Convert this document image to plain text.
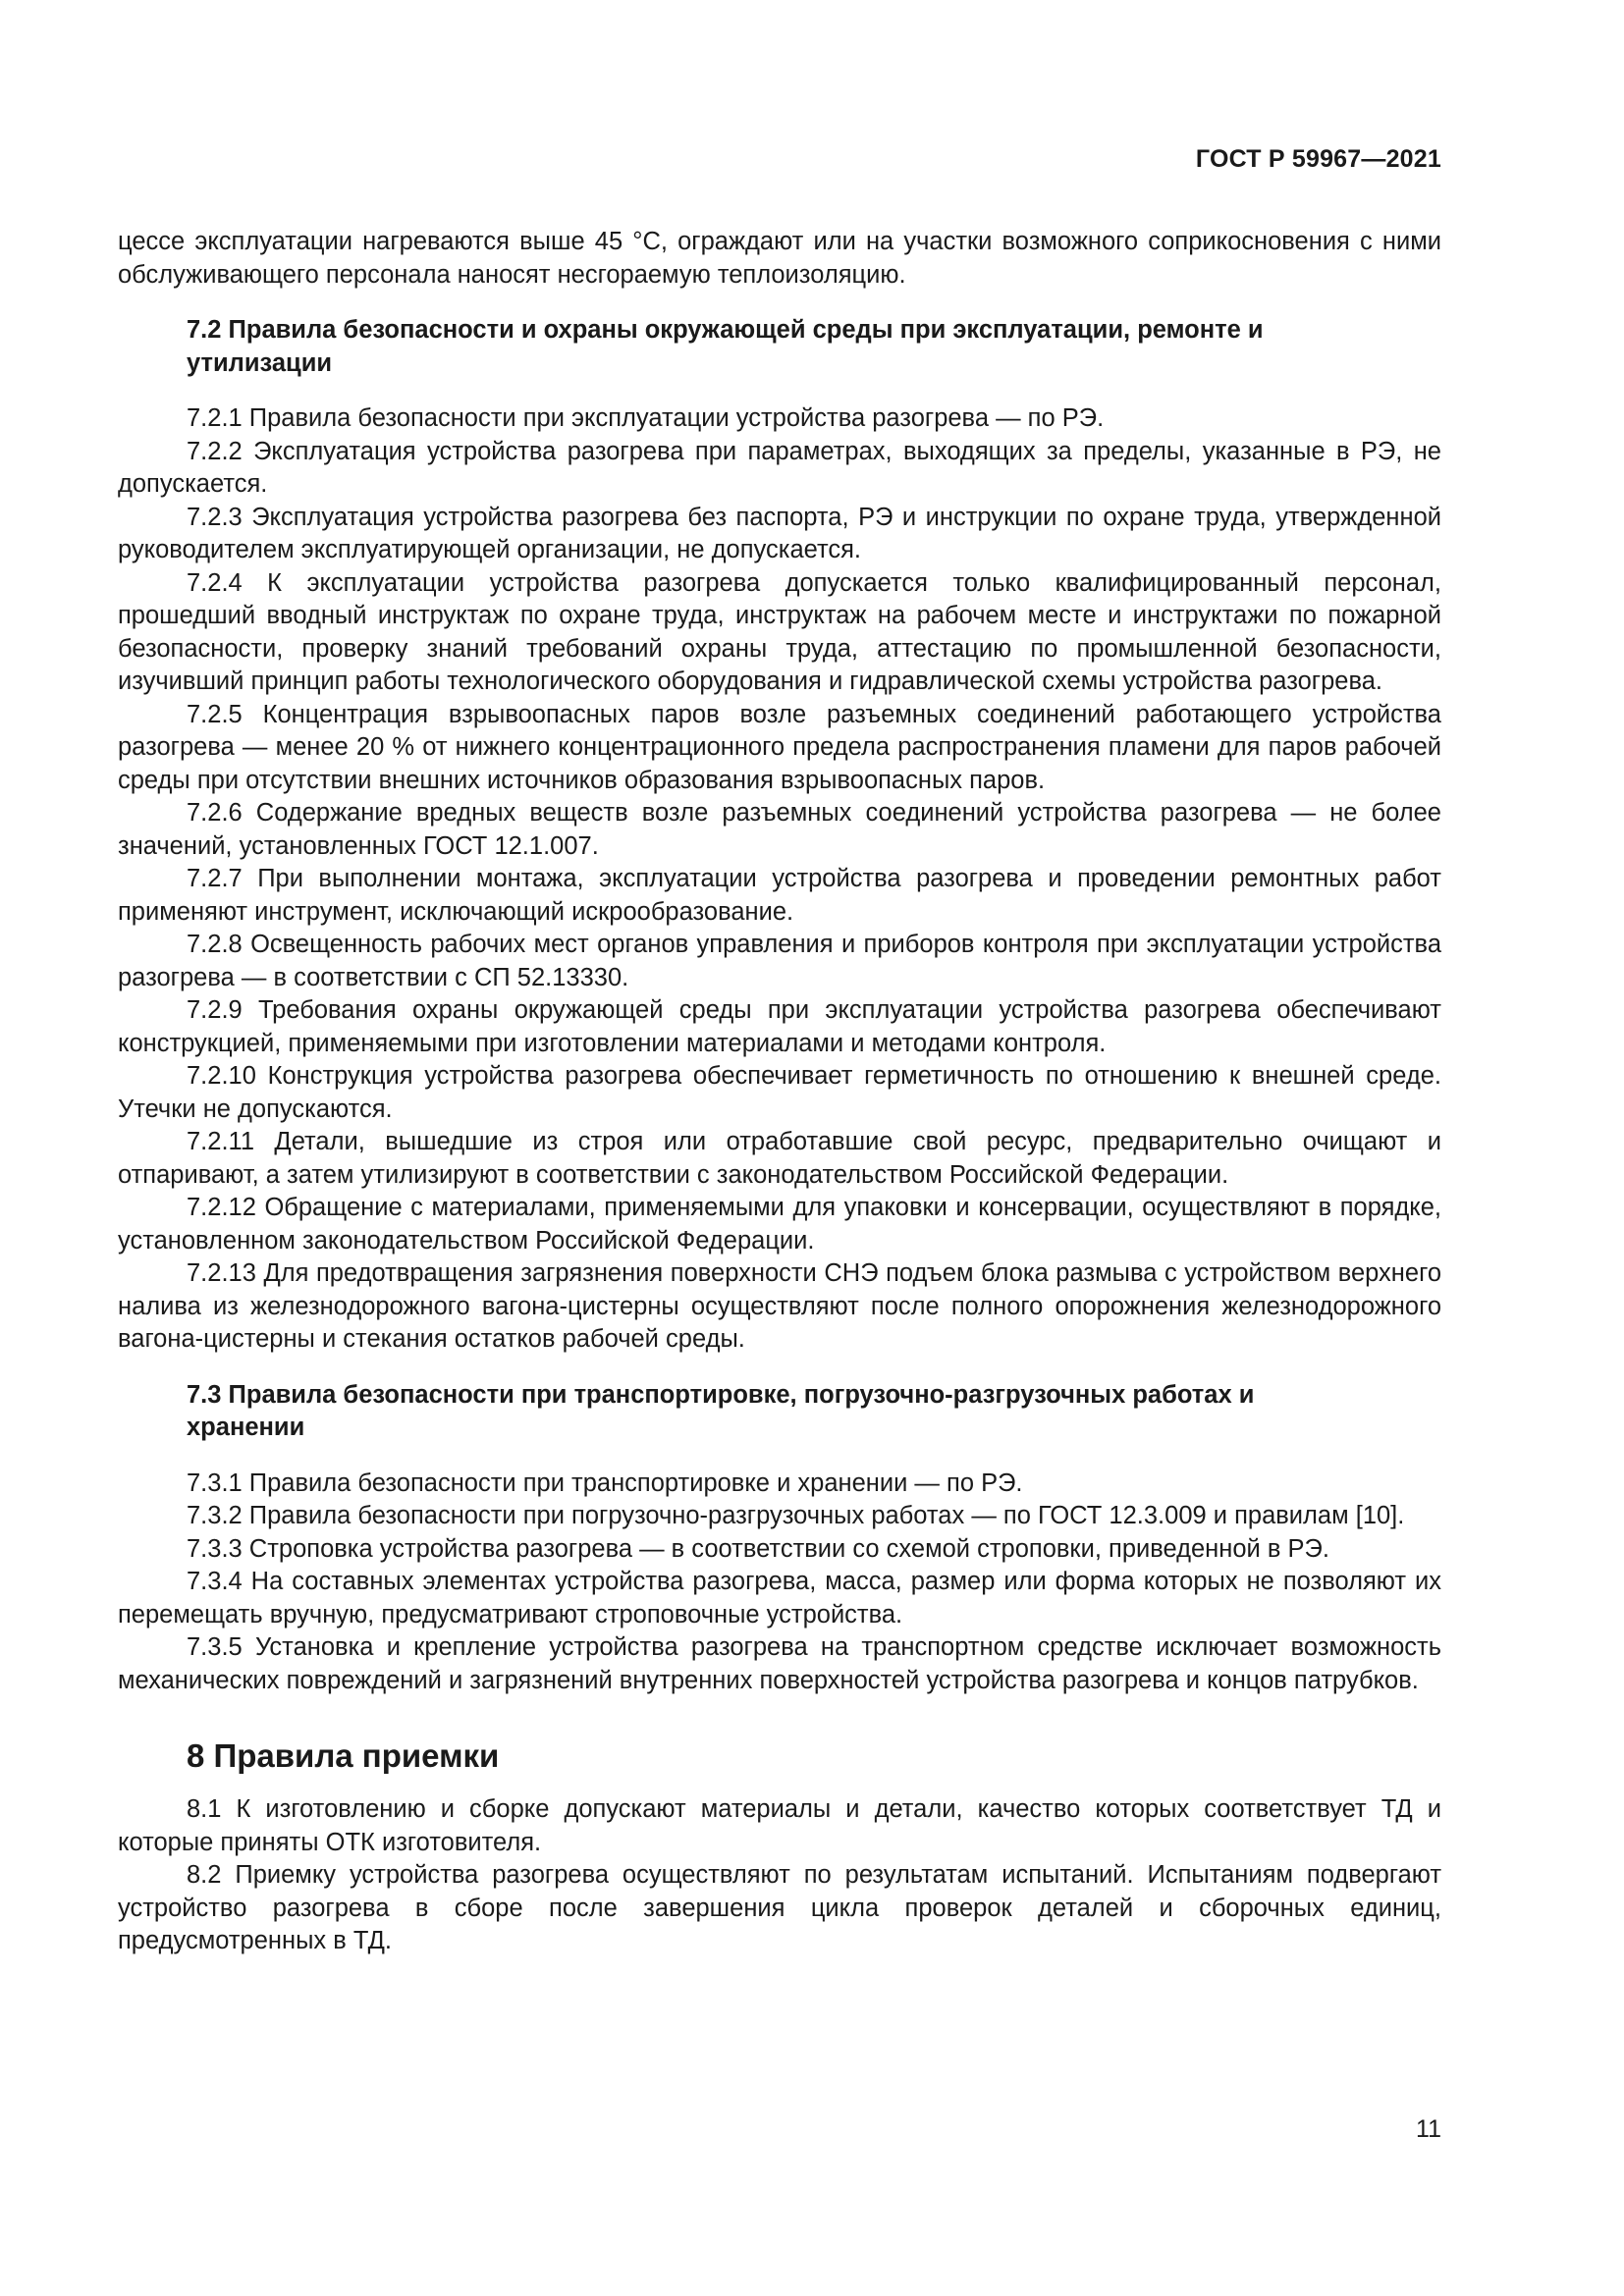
ГОСТ Р 59967—2021

цессе эксплуатации нагреваются выше 45 °С, ограждают или на участки возможного соприкосновения с ними обслуживающего персонала наносят несгораемую теплоизоляцию.

7.2 Правила безопасности и охраны окружающей среды при эксплуатации, ремонте и утилизации

7.2.1 Правила безопасности при эксплуатации устройства разогрева — по РЭ.

7.2.2 Эксплуатация устройства разогрева при параметрах, выходящих за пределы, указанные в РЭ, не допускается.

7.2.3 Эксплуатация устройства разогрева без паспорта, РЭ и инструкции по охране труда, утвержденной руководителем эксплуатирующей организации, не допускается.

7.2.4 К эксплуатации устройства разогрева допускается только квалифицированный персонал, прошедший вводный инструктаж по охране труда, инструктаж на рабочем месте и инструктажи по пожарной безопасности, проверку знаний требований охраны труда, аттестацию по промышленной безопасности, изучивший принцип работы технологического оборудования и гидравлической схемы устройства разогрева.

7.2.5 Концентрация взрывоопасных паров возле разъемных соединений работающего устройства разогрева — менее 20 % от нижнего концентрационного предела распространения пламени для паров рабочей среды при отсутствии внешних источников образования взрывоопасных паров.

7.2.6 Содержание вредных веществ возле разъемных соединений устройства разогрева — не более значений, установленных ГОСТ 12.1.007.

7.2.7 При выполнении монтажа, эксплуатации устройства разогрева и проведении ремонтных работ применяют инструмент, исключающий искрообразование.

7.2.8 Освещенность рабочих мест органов управления и приборов контроля при эксплуатации устройства разогрева — в соответствии с СП 52.13330.

7.2.9 Требования охраны окружающей среды при эксплуатации устройства разогрева обеспечивают конструкцией, применяемыми при изготовлении материалами и методами контроля.

7.2.10 Конструкция устройства разогрева обеспечивает герметичность по отношению к внешней среде. Утечки не допускаются.

7.2.11 Детали, вышедшие из строя или отработавшие свой ресурс, предварительно очищают и отпаривают, а затем утилизируют в соответствии с законодательством Российской Федерации.

7.2.12 Обращение с материалами, применяемыми для упаковки и консервации, осуществляют в порядке, установленном законодательством Российской Федерации.

7.2.13 Для предотвращения загрязнения поверхности СНЭ подъем блока размыва с устройством верхнего налива из железнодорожного вагона-цистерны осуществляют после полного опорожнения железнодорожного вагона-цистерны и стекания остатков рабочей среды.

7.3 Правила безопасности при транспортировке, погрузочно-разгрузочных работах и хранении

7.3.1 Правила безопасности при транспортировке и хранении — по РЭ.

7.3.2 Правила безопасности при погрузочно-разгрузочных работах — по ГОСТ 12.3.009 и правилам [10].

7.3.3 Строповка устройства разогрева — в соответствии со схемой строповки, приведенной в РЭ.

7.3.4 На составных элементах устройства разогрева, масса, размер или форма которых не позволяют их перемещать вручную, предусматривают строповочные устройства.

7.3.5 Установка и крепление устройства разогрева на транспортном средстве исключает возможность механических повреждений и загрязнений внутренних поверхностей устройства разогрева и концов патрубков.

8 Правила приемки

8.1 К изготовлению и сборке допускают материалы и детали, качество которых соответствует ТД и которые приняты ОТК изготовителя.

8.2 Приемку устройства разогрева осуществляют по результатам испытаний. Испытаниям подвергают устройство разогрева в сборе после завершения цикла проверок деталей и сборочных единиц, предусмотренных в ТД.

11
